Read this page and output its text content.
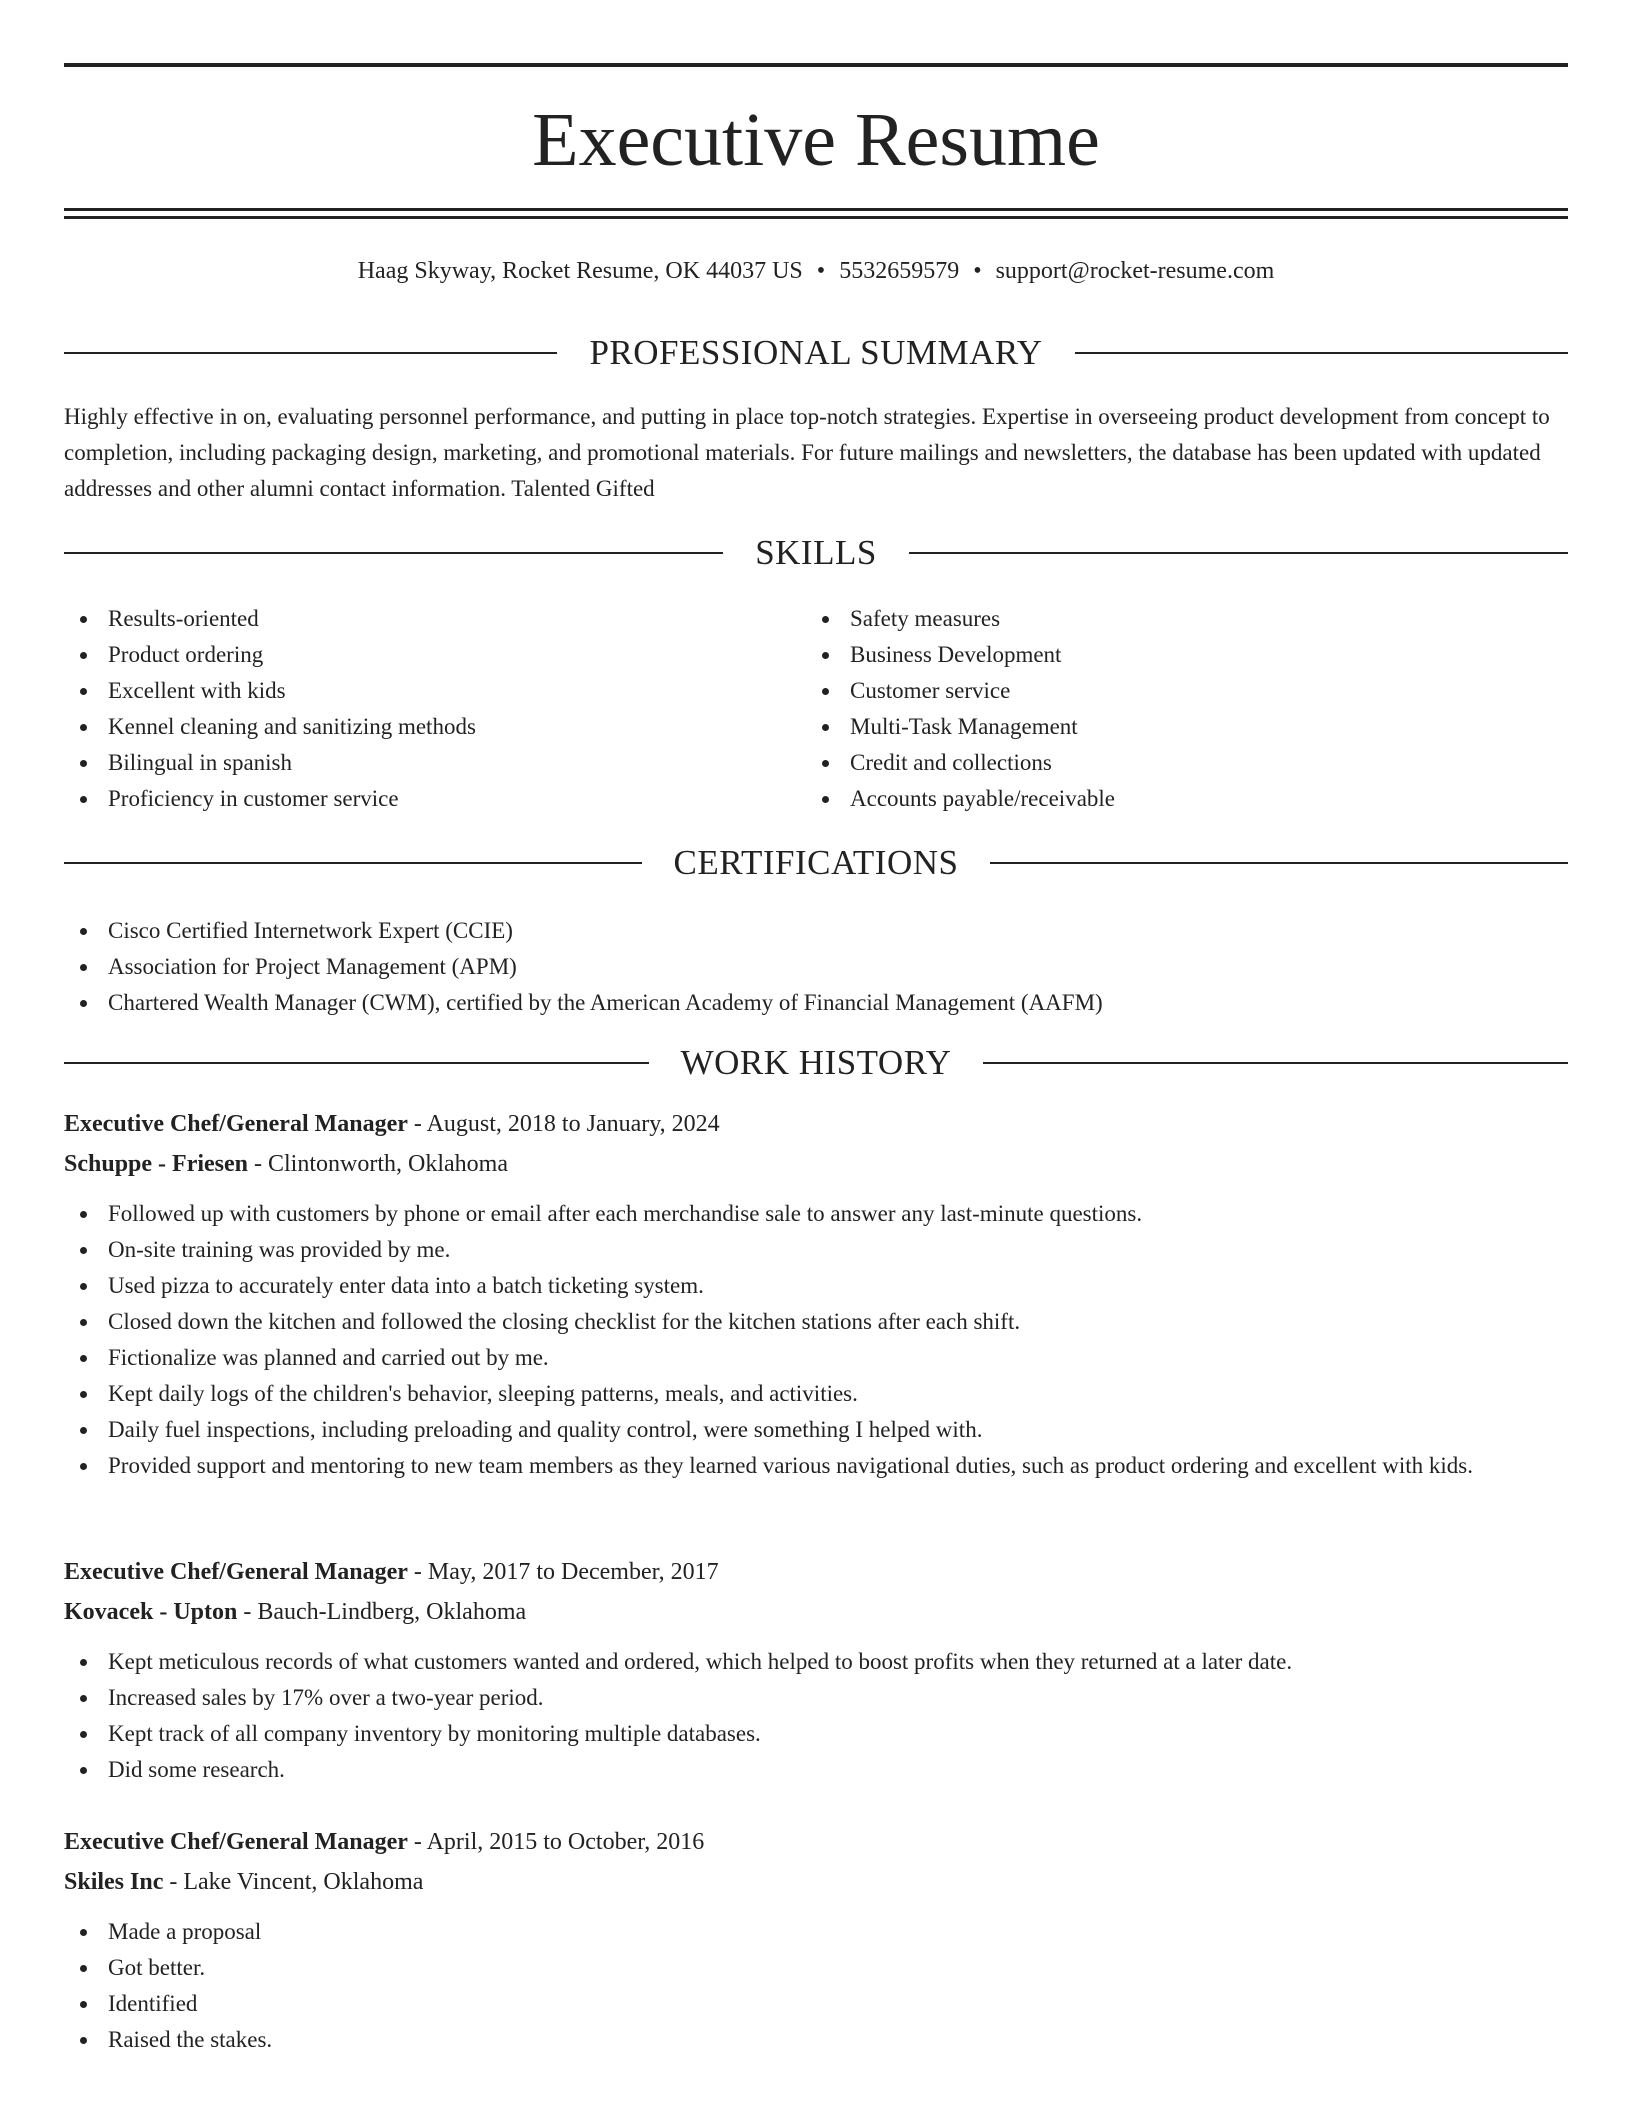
Executive Resume
Haag Skyway, Rocket Resume, OK 44037 US • 5532659579 • support@rocket-resume.com
PROFESSIONAL SUMMARY

Highly effective in on, evaluating personnel performance, and putting in place top-notch strategies. Expertise in overseeing product development from concept to completion, including packaging design, marketing, and promotional materials. For future mailings and newsletters, the database has been updated with updated addresses and other alumni contact information. Talented Gifted

SKILLS
Results-oriented
Product ordering
Excellent with kids
Kennel cleaning and sanitizing methods
Bilingual in spanish
Proficiency in customer service
Safety measures
Business Development
Customer service
Multi-Task Management
Credit and collections
Accounts payable/receivable
CERTIFICATIONS
Cisco Certified Internetwork Expert (CCIE)
Association for Project Management (APM)
Chartered Wealth Manager (CWM), certified by the American Academy of Financial Management (AAFM)
WORK HISTORY
Executive Chef/General Manager - August, 2018 to January, 2024
Schuppe - Friesen - Clintonworth, Oklahoma
Followed up with customers by phone or email after each merchandise sale to answer any last-minute questions.
On-site training was provided by me.
Used pizza to accurately enter data into a batch ticketing system.
Closed down the kitchen and followed the closing checklist for the kitchen stations after each shift.
Fictionalize was planned and carried out by me.
Kept daily logs of the children's behavior, sleeping patterns, meals, and activities.
Daily fuel inspections, including preloading and quality control, were something I helped with.
Provided support and mentoring to new team members as they learned various navigational duties, such as product ordering and excellent with kids.
Executive Chef/General Manager - May, 2017 to December, 2017
Kovacek - Upton - Bauch-Lindberg, Oklahoma
Kept meticulous records of what customers wanted and ordered, which helped to boost profits when they returned at a later date.
Increased sales by 17% over a two-year period.
Kept track of all company inventory by monitoring multiple databases.
Did some research.
Executive Chef/General Manager - April, 2015 to October, 2016
Skiles Inc - Lake Vincent, Oklahoma
Made a proposal
Got better.
Identified
Raised the stakes.
